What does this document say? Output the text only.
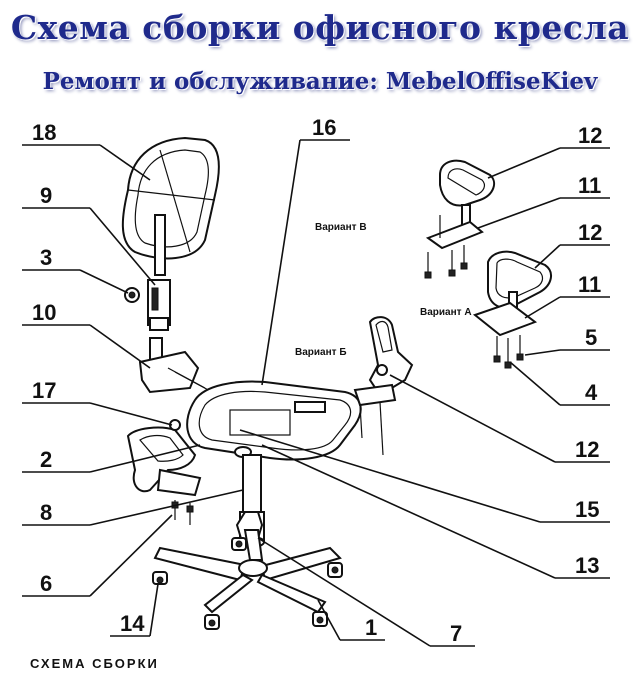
Схема сборки офисного кресла
Ремонт и обслуживание: MebelOffiseKiev
18
9
3
10
17
2
8
6
14	1	7
13
15
12
4
5
11
12
11
12
16
Вариант А
Вариант Б
Вариант В
СХЕМА СБОРКИ
